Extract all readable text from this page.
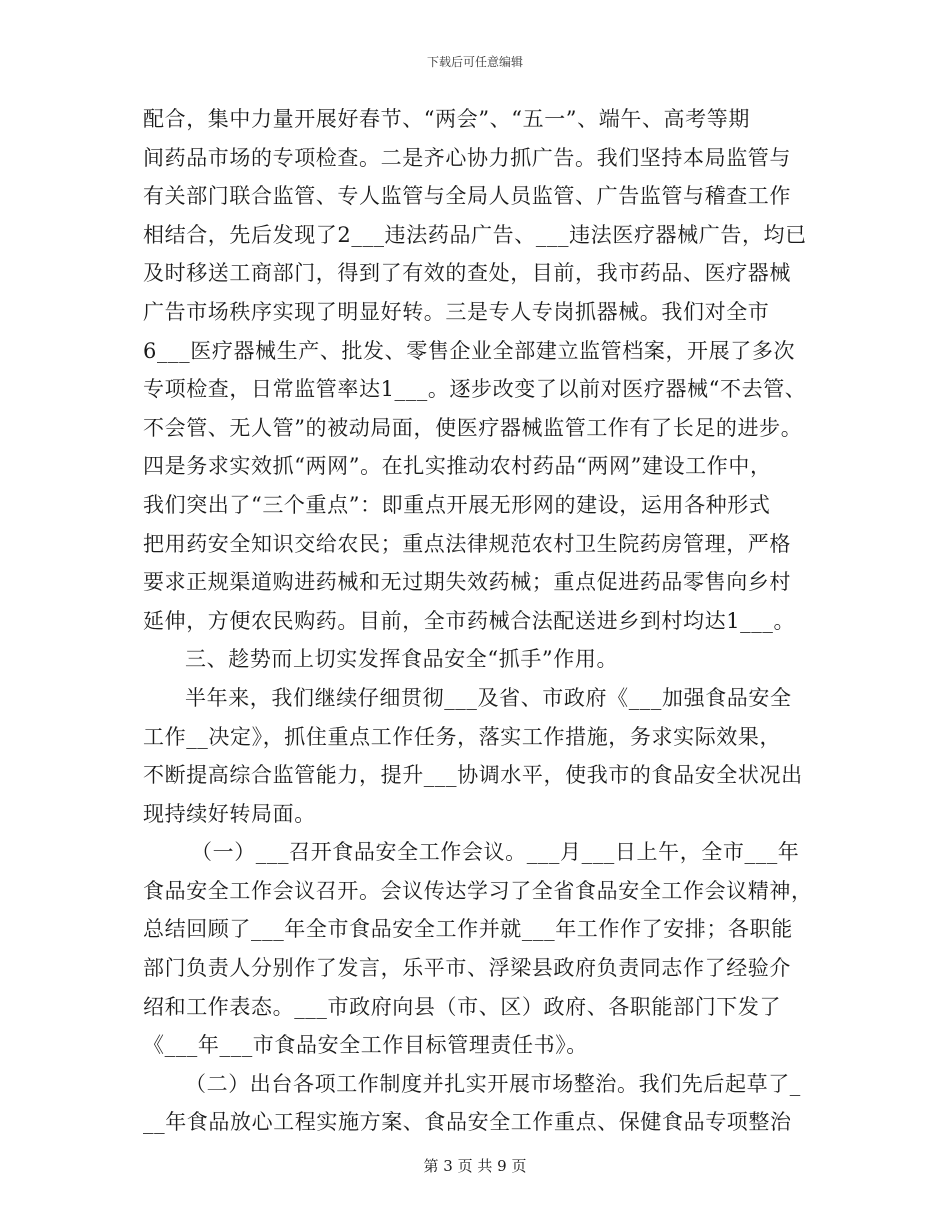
下载后可任意编辑
配合，集中力量开展好春节、“两会”、“五一”、端午、高考等期
间药品市场的专项检查。二是齐心协力抓广告。我们坚持本局监管与
有关部门联合监管、专人监管与全局人员监管、广告监管与稽查工作
相结合，先后发现了2___违法药品广告、___违法医疗器械广告，均已
及时移送工商部门，得到了有效的查处，目前，我市药品、医疗器械
广告市场秩序实现了明显好转。三是专人专岗抓器械。我们对全市
6___医疗器械生产、批发、零售企业全部建立监管档案，开展了多次
专项检查，日常监管率达1___。逐步改变了以前对医疗器械“不去管、
不会管、无人管”的被动局面，使医疗器械监管工作有了长足的进步。
四是务求实效抓“两网”。在扎实推动农村药品“两网”建设工作中，
我们突出了“三个重点”：即重点开展无形网的建设，运用各种形式
把用药安全知识交给农民；重点法律规范农村卫生院药房管理，严格
要求正规渠道购进药械和无过期失效药械；重点促进药品零售向乡村
延伸，方便农民购药。目前，全市药械合法配送进乡到村均达1___。
三、趁势而上切实发挥食品安全“抓手”作用。
半年来，我们继续仔细贯彻___及省、市政府《___加强食品安全
工作__决定》，抓住重点工作任务，落实工作措施，务求实际效果，
不断提高综合监管能力，提升___协调水平，使我市的食品安全状况出
现持续好转局面。
（一）___召开食品安全工作会议。___月___日上午，全市___年
食品安全工作会议召开。会议传达学习了全省食品安全工作会议精神，
总结回顾了___年全市食品安全工作并就___年工作作了安排；各职能
部门负责人分别作了发言，乐平市、浮梁县政府负责同志作了经验介
绍和工作表态。___市政府向县（市、区）政府、各职能部门下发了
《___年___市食品安全工作目标管理责任书》。
（二）出台各项工作制度并扎实开展市场整治。我们先后起草了_
__年食品放心工程实施方案、食品安全工作重点、保健食品专项整治
第 3 页 共 9 页
